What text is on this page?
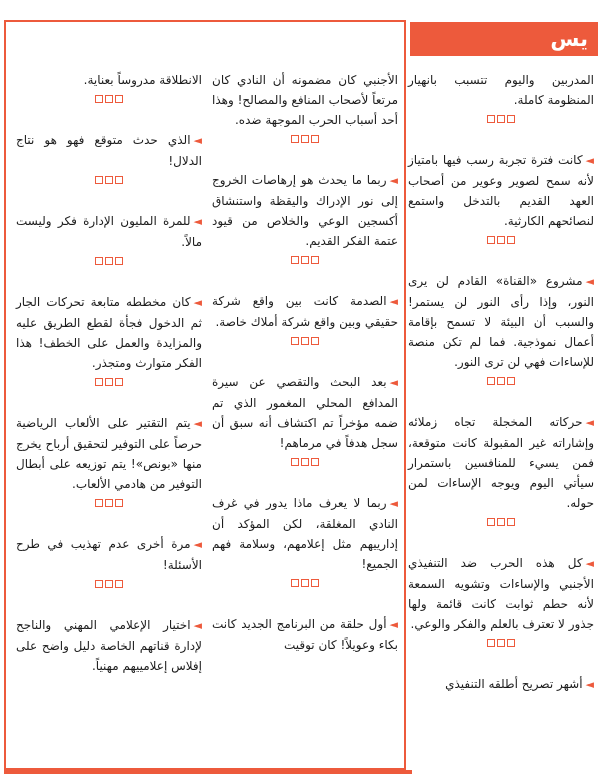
يس

المدربين واليوم تتسبب بانهيار المنظومة كاملة.

◄كانت فترة تجربة رسب فيها بامتياز لأنه سمح لصوير وعوير من أصحاب العهد القديم بالتدخل واستمع لنصائحهم الكارثية.

◄مشروع «القناة» القادم لن يرى النور، وإذا رأى النور لن يستمر! والسبب أن البيئة لا تسمح بإقامة أعمال نموذجية. فما لم تكن منصة للإساءات فهي لن ترى النور.

◄حركاته المخجلة تجاه زملائه وإشاراته غير المقبولة كانت متوقعة، فمن يسيء للمنافسين باستمرار سيأتي اليوم ويوجه الإساءات لمن حوله.

◄كل هذه الحرب ضد التنفيذي الأجنبي والإساءات وتشويه السمعة لأنه حطم ثوابت كانت قائمة ولها جذور لا تعترف بالعلم والفكر والوعي.

◄أشهر تصريح أطلقه التنفيذي

الأجنبي كان مضمونه أن النادي كان مرتعاً لأصحاب المنافع والمصالح! وهذا أحد أسباب الحرب الموجهة ضده.

◄ربما ما يحدث هو إرهاصات الخروج إلى نور الإدراك واليقظة واستنشاق أكسجين الوعي والخلاص من قيود عتمة الفكر القديم.

◄الصدمة كانت بين واقع شركة حقيقي وبين واقع شركة أملاك خاصة.

◄بعد البحث والتقصي عن سيرة المدافع المحلي المغمور الذي تم ضمه مؤخراً تم اكتشاف أنه سبق أن سجل هدفاً في مرماهم!

◄ربما لا يعرف ماذا يدور في غرف النادي المغلقة، لكن المؤكد أن إدارييهم مثل إعلامهم، وسلامة فهم الجميع!

◄أول حلقة من البرنامج الجديد كانت بكاء وعويلاً! كان توقيت

الانطلاقة مدروساً بعناية.

◄الذي حدث متوقع فهو هو نتاج الدلال!

◄للمرة المليون الإدارة فكر وليست مالاً.

◄كان مخططه متابعة تحركات الجار ثم الدخول فجأة لقطع الطريق عليه والمزايدة والعمل على الخطف! هذا الفكر متوارث ومتجذر.

◄يتم التقتير على الألعاب الرياضية حرصاً على التوفير لتحقيق أرباح يخرج منها «بونص»! يتم توزيعه على أبطال التوفير من هادمي الألعاب.

◄مرة أخرى عدم تهذيب في طرح الأسئلة!

◄اختيار الإعلامي المهني والناجح لإدارة قناتهم الخاصة دليل واضح على إفلاس إعلامييهم مهنياً.
